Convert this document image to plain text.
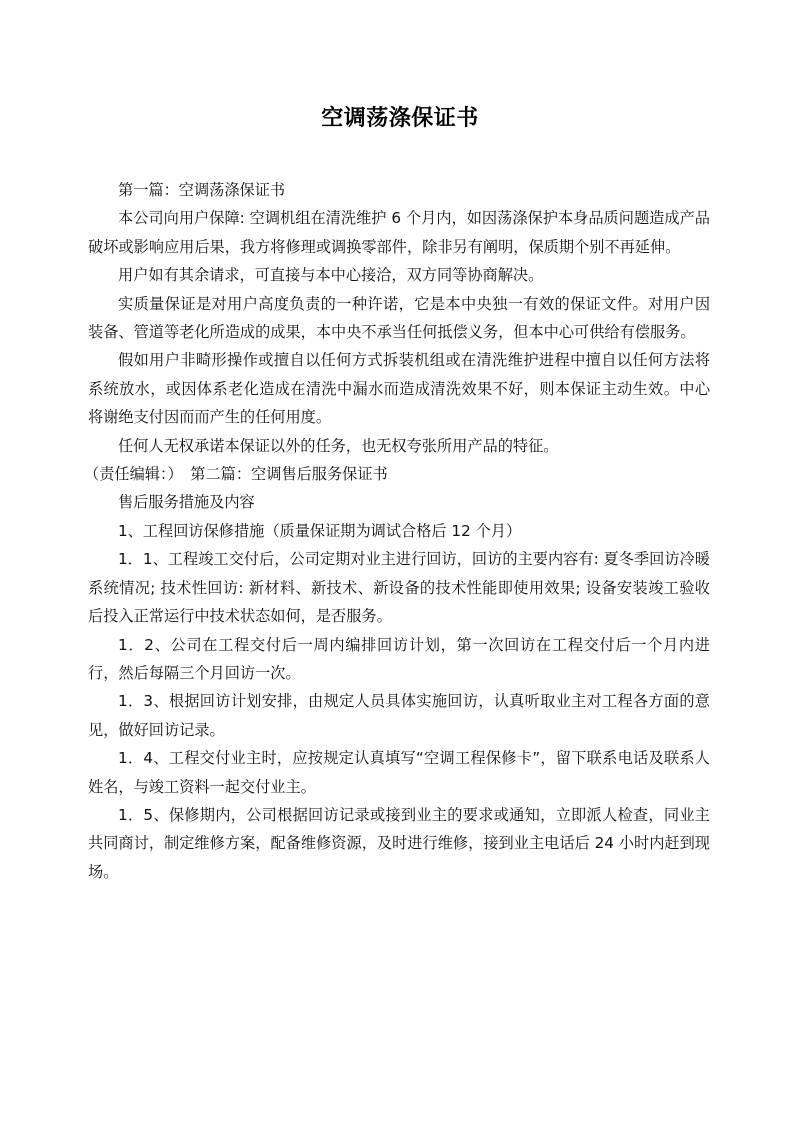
空调荡涤保证书

第一篇：空调荡涤保证书

本公司向用户保障: 空调机组在清洗维护 6 个月内，如因荡涤保护本身品质问题造成产品破坏或影响应用后果，我方将修理或调换零部件，除非另有阐明，保质期个别不再延伸。

用户如有其余请求，可直接与本中心接洽，双方同等协商解决。

实质量保证是对用户高度负责的一种许诺，它是本中央独一有效的保证文件。对用户因装备、管道等老化所造成的成果，本中央不承当任何抵偿义务，但本中心可供给有偿服务。

假如用户非畸形操作或擅自以任何方式拆装机组或在清洗维护进程中擅自以任何方法将系统放水，或因体系老化造成在清洗中漏水而造成清洗效果不好，则本保证主动生效。中心将谢绝支付因而而产生的任何用度。

任何人无权承诺本保证以外的任务，也无权夸张所用产品的特征。

（责任编辑：）　第二篇：空调售后服务保证书

售后服务措施及内容

1、工程回访保修措施（质量保证期为调试合格后 12 个月）

1．1、工程竣工交付后，公司定期对业主进行回访，回访的主要内容有: 夏冬季回访冷暖系统情况; 技术性回访: 新材料、新技术、新设备的技术性能即使用效果; 设备安装竣工验收后投入正常运行中技术状态如何，是否服务。

1．2、公司在工程交付后一周内编排回访计划，第一次回访在工程交付后一个月内进行，然后每隔三个月回访一次。

1．3、根据回访计划安排，由规定人员具体实施回访，认真听取业主对工程各方面的意见，做好回访记录。

1．4、工程交付业主时，应按规定认真填写“空调工程保修卡”，留下联系电话及联系人姓名，与竣工资料一起交付业主。

1．5、保修期内，公司根据回访记录或接到业主的要求或通知，立即派人检查，同业主共同商讨，制定维修方案，配备维修资源，及时进行维修，接到业主电话后 24 小时内赶到现场。
